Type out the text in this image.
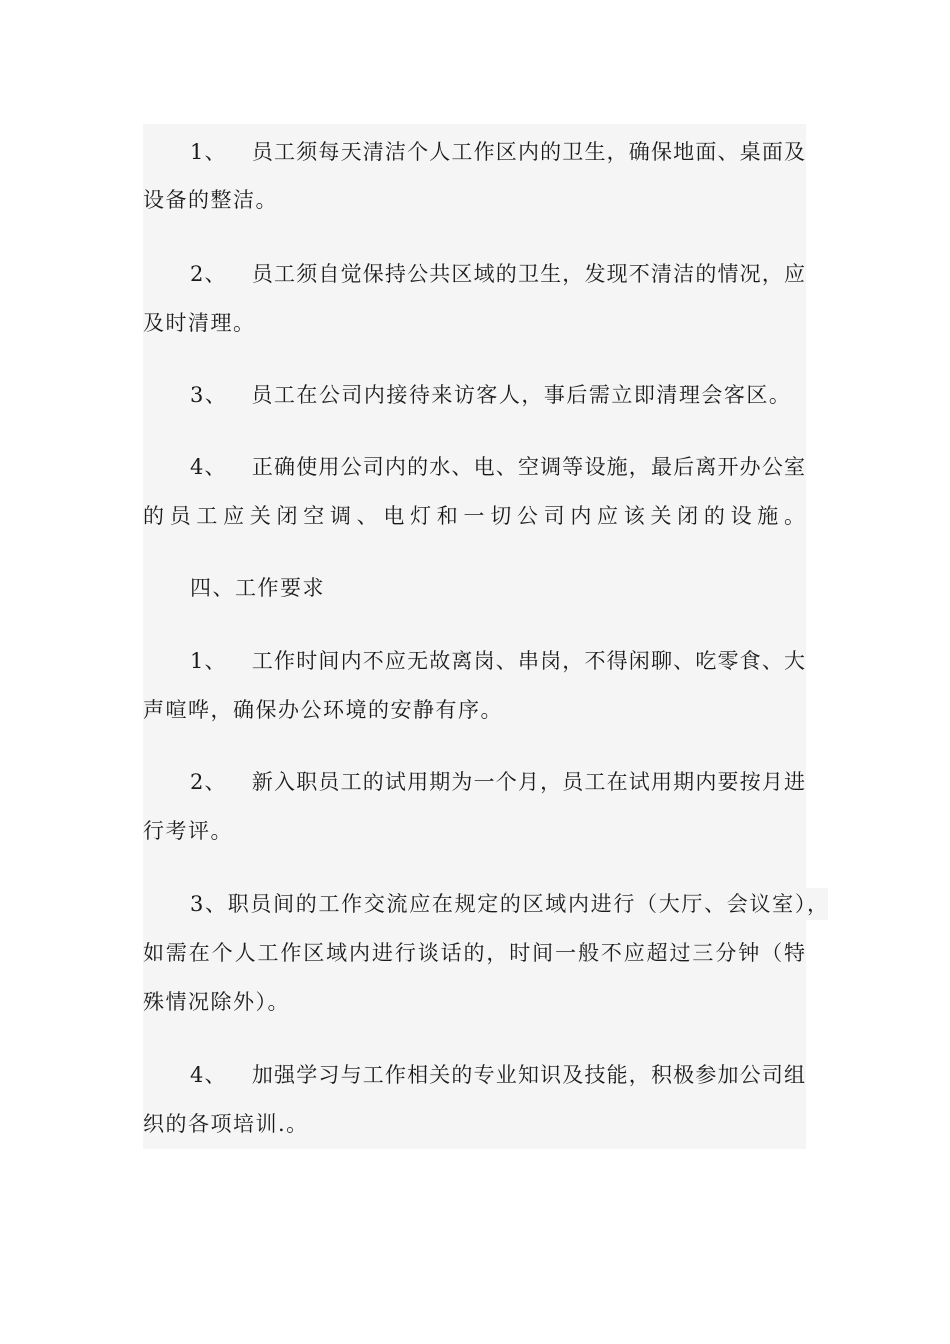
1、 员工须每天清洁个人工作区内的卫生，确保地面、桌面及
设备的整洁。
2、 员工须自觉保持公共区域的卫生，发现不清洁的情况，应
及时清理。
3、 员工在公司内接待来访客人，事后需立即清理会客区。
4、 正确使用公司内的水、电、空调等设施，最后离开办公室
的员工应关闭空调、电灯和一切公司内应该关闭的设施。
四、工作要求
1、 工作时间内不应无故离岗、串岗，不得闲聊、吃零食、大
声喧哗，确保办公环境的安静有序。
2、 新入职员工的试用期为一个月，员工在试用期内要按月进
行考评。
3、职员间的工作交流应在规定的区域内进行（大厅、会议室），
如需在个人工作区域内进行谈话的，时间一般不应超过三分钟（特
殊情况除外）。
4、 加强学习与工作相关的专业知识及技能，积极参加公司组
织的各项培训.。
